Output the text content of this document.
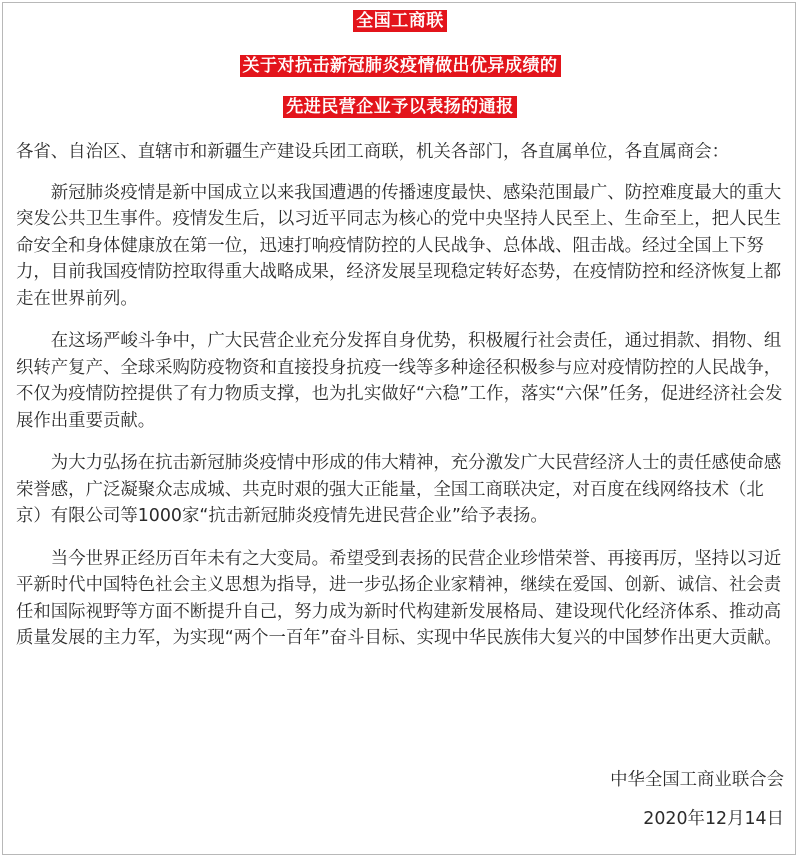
全国工商联
关于对抗击新冠肺炎疫情做出优异成绩的
先进民营企业予以表扬的通报

各省、自治区、直辖市和新疆生产建设兵团工商联，机关各部门，各直属单位，各直属商会：

新冠肺炎疫情是新中国成立以来我国遭遇的传播速度最快、感染范围最广、防控难度最大的重大突发公共卫生事件。疫情发生后，以习近平同志为核心的党中央坚持人民至上、生命至上，把人民生命安全和身体健康放在第一位，迅速打响疫情防控的人民战争、总体战、阻击战。经过全国上下努力，目前我国疫情防控取得重大战略成果，经济发展呈现稳定转好态势，在疫情防控和经济恢复上都走在世界前列。

在这场严峻斗争中，广大民营企业充分发挥自身优势，积极履行社会责任，通过捐款、捐物、组织转产复产、全球采购防疫物资和直接投身抗疫一线等多种途径积极参与应对疫情防控的人民战争，不仅为疫情防控提供了有力物质支撑，也为扎实做好“六稳”工作，落实“六保”任务，促进经济社会发展作出重要贡献。

为大力弘扬在抗击新冠肺炎疫情中形成的伟大精神，充分激发广大民营经济人士的责任感使命感荣誉感，广泛凝聚众志成城、共克时艰的强大正能量，全国工商联决定，对百度在线网络技术（北京）有限公司等1000家“抗击新冠肺炎疫情先进民营企业”给予表扬。

当今世界正经历百年未有之大变局。希望受到表扬的民营企业珍惜荣誉、再接再厉，坚持以习近平新时代中国特色社会主义思想为指导，进一步弘扬企业家精神，继续在爱国、创新、诚信、社会责任和国际视野等方面不断提升自己，努力成为新时代构建新发展格局、建设现代化经济体系、推动高质量发展的主力军，为实现“两个一百年”奋斗目标、实现中华民族伟大复兴的中国梦作出更大贡献。

中华全国工商业联合会
2020年12月14日
